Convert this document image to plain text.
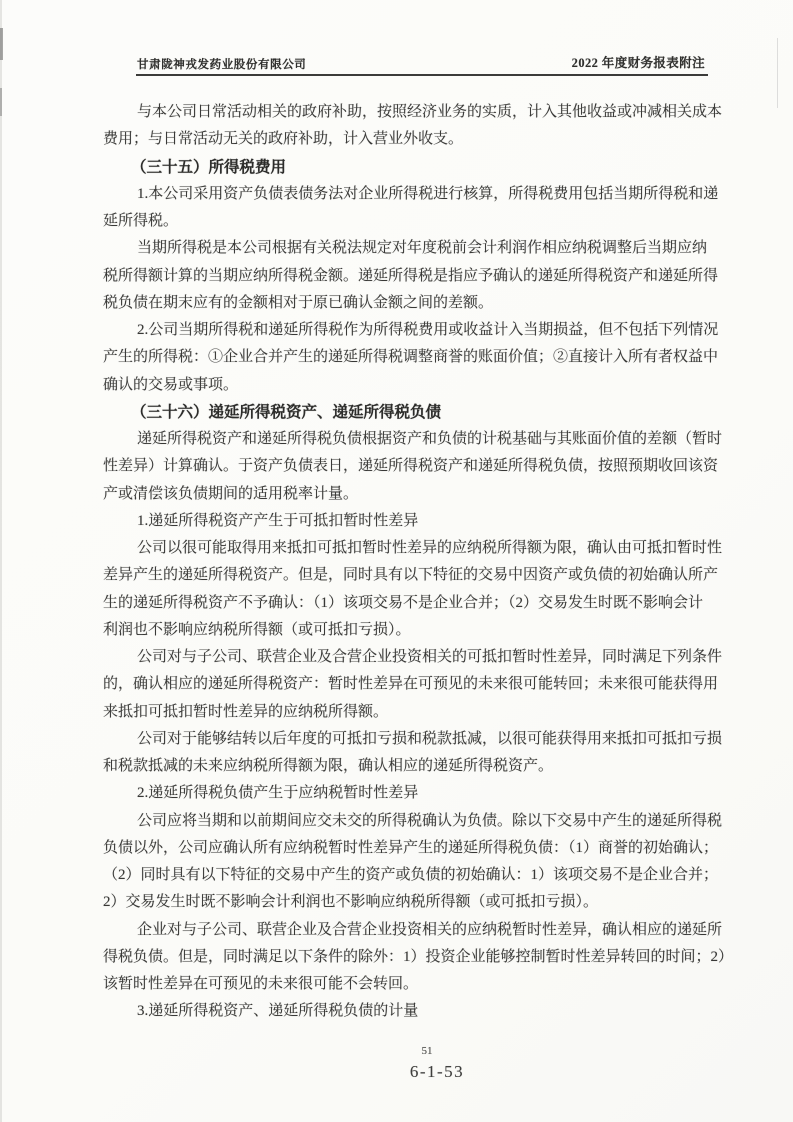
甘肃陇神戎发药业股份有限公司	2022 年度财务报表附注
与本公司日常活动相关的政府补助，按照经济业务的实质，计入其他收益或冲减相关成本
费用；与日常活动无关的政府补助，计入营业外收支。
（三十五）所得税费用
1.本公司采用资产负债表债务法对企业所得税进行核算，所得税费用包括当期所得税和递
延所得税。
当期所得税是本公司根据有关税法规定对年度税前会计利润作相应纳税调整后当期应纳
税所得额计算的当期应纳所得税金额。递延所得税是指应予确认的递延所得税资产和递延所得
税负债在期末应有的金额相对于原已确认金额之间的差额。
2.公司当期所得税和递延所得税作为所得税费用或收益计入当期损益，但不包括下列情况
产生的所得税：①企业合并产生的递延所得税调整商誉的账面价值；②直接计入所有者权益中
确认的交易或事项。
（三十六）递延所得税资产、递延所得税负债
递延所得税资产和递延所得税负债根据资产和负债的计税基础与其账面价值的差额（暂时
性差异）计算确认。于资产负债表日，递延所得税资产和递延所得税负债，按照预期收回该资
产或清偿该负债期间的适用税率计量。
1.递延所得税资产产生于可抵扣暂时性差异
公司以很可能取得用来抵扣可抵扣暂时性差异的应纳税所得额为限，确认由可抵扣暂时性
差异产生的递延所得税资产。但是，同时具有以下特征的交易中因资产或负债的初始确认所产
生的递延所得税资产不予确认：（1）该项交易不是企业合并；（2）交易发生时既不影响会计
利润也不影响应纳税所得额（或可抵扣亏损）。
公司对与子公司、联营企业及合营企业投资相关的可抵扣暂时性差异，同时满足下列条件
的，确认相应的递延所得税资产：暂时性差异在可预见的未来很可能转回；未来很可能获得用
来抵扣可抵扣暂时性差异的应纳税所得额。
公司对于能够结转以后年度的可抵扣亏损和税款抵减，以很可能获得用来抵扣可抵扣亏损
和税款抵减的未来应纳税所得额为限，确认相应的递延所得税资产。
2.递延所得税负债产生于应纳税暂时性差异
公司应将当期和以前期间应交未交的所得税确认为负债。除以下交易中产生的递延所得税
负债以外，公司应确认所有应纳税暂时性差异产生的递延所得税负债：（1）商誉的初始确认；
（2）同时具有以下特征的交易中产生的资产或负债的初始确认：1）该项交易不是企业合并；
2）交易发生时既不影响会计利润也不影响应纳税所得额（或可抵扣亏损）。
企业对与子公司、联营企业及合营企业投资相关的应纳税暂时性差异，确认相应的递延所
得税负债。但是，同时满足以下条件的除外：1）投资企业能够控制暂时性差异转回的时间；2）
该暂时性差异在可预见的未来很可能不会转回。
3.递延所得税资产、递延所得税负债的计量
51
6-1-53
